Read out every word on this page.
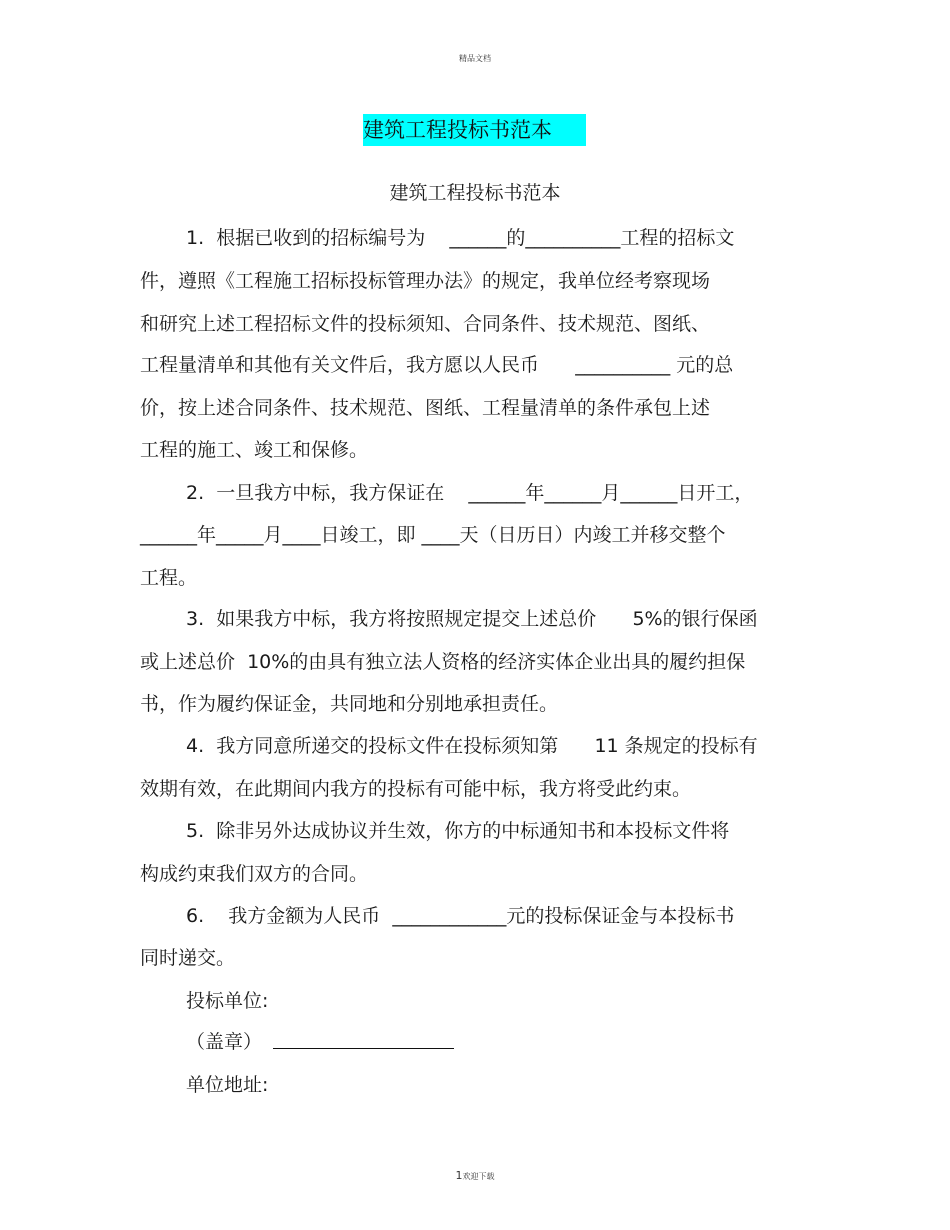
精品文档
建筑工程投标书范本
建筑工程投标书范本
1.  根据已收到的招标编号为    ______的__________工程的招标文
件，遵照《工程施工招标投标管理办法》的规定，我单位经考察现场
和研究上述工程招标文件的投标须知、合同条件、技术规范、图纸、
工程量清单和其他有关文件后，我方愿以人民币      __________ 元的总
价，按上述合同条件、技术规范、图纸、工程量清单的条件承包上述
工程的施工、竣工和保修。
2.  一旦我方中标，我方保证在    ______年______月______日开工，
______年_____月____日竣工，即 ____天（日历日）内竣工并移交整个
工程。
3.  如果我方中标，我方将按照规定提交上述总价      5%的银行保函
或上述总价  10%的由具有独立法人资格的经济实体企业出具的履约担保
书，作为履约保证金，共同地和分别地承担责任。
4.  我方同意所递交的投标文件在投标须知第      11 条规定的投标有
效期有效，在此期间内我方的投标有可能中标，我方将受此约束。
5.  除非另外达成协议并生效，你方的中标通知书和本投标文件将
构成约束我们双方的合同。
6.    我方金额为人民币  ____________元的投标保证金与本投标书
同时递交。
投标单位:
（盖章）
单位地址:
1欢迎下载
